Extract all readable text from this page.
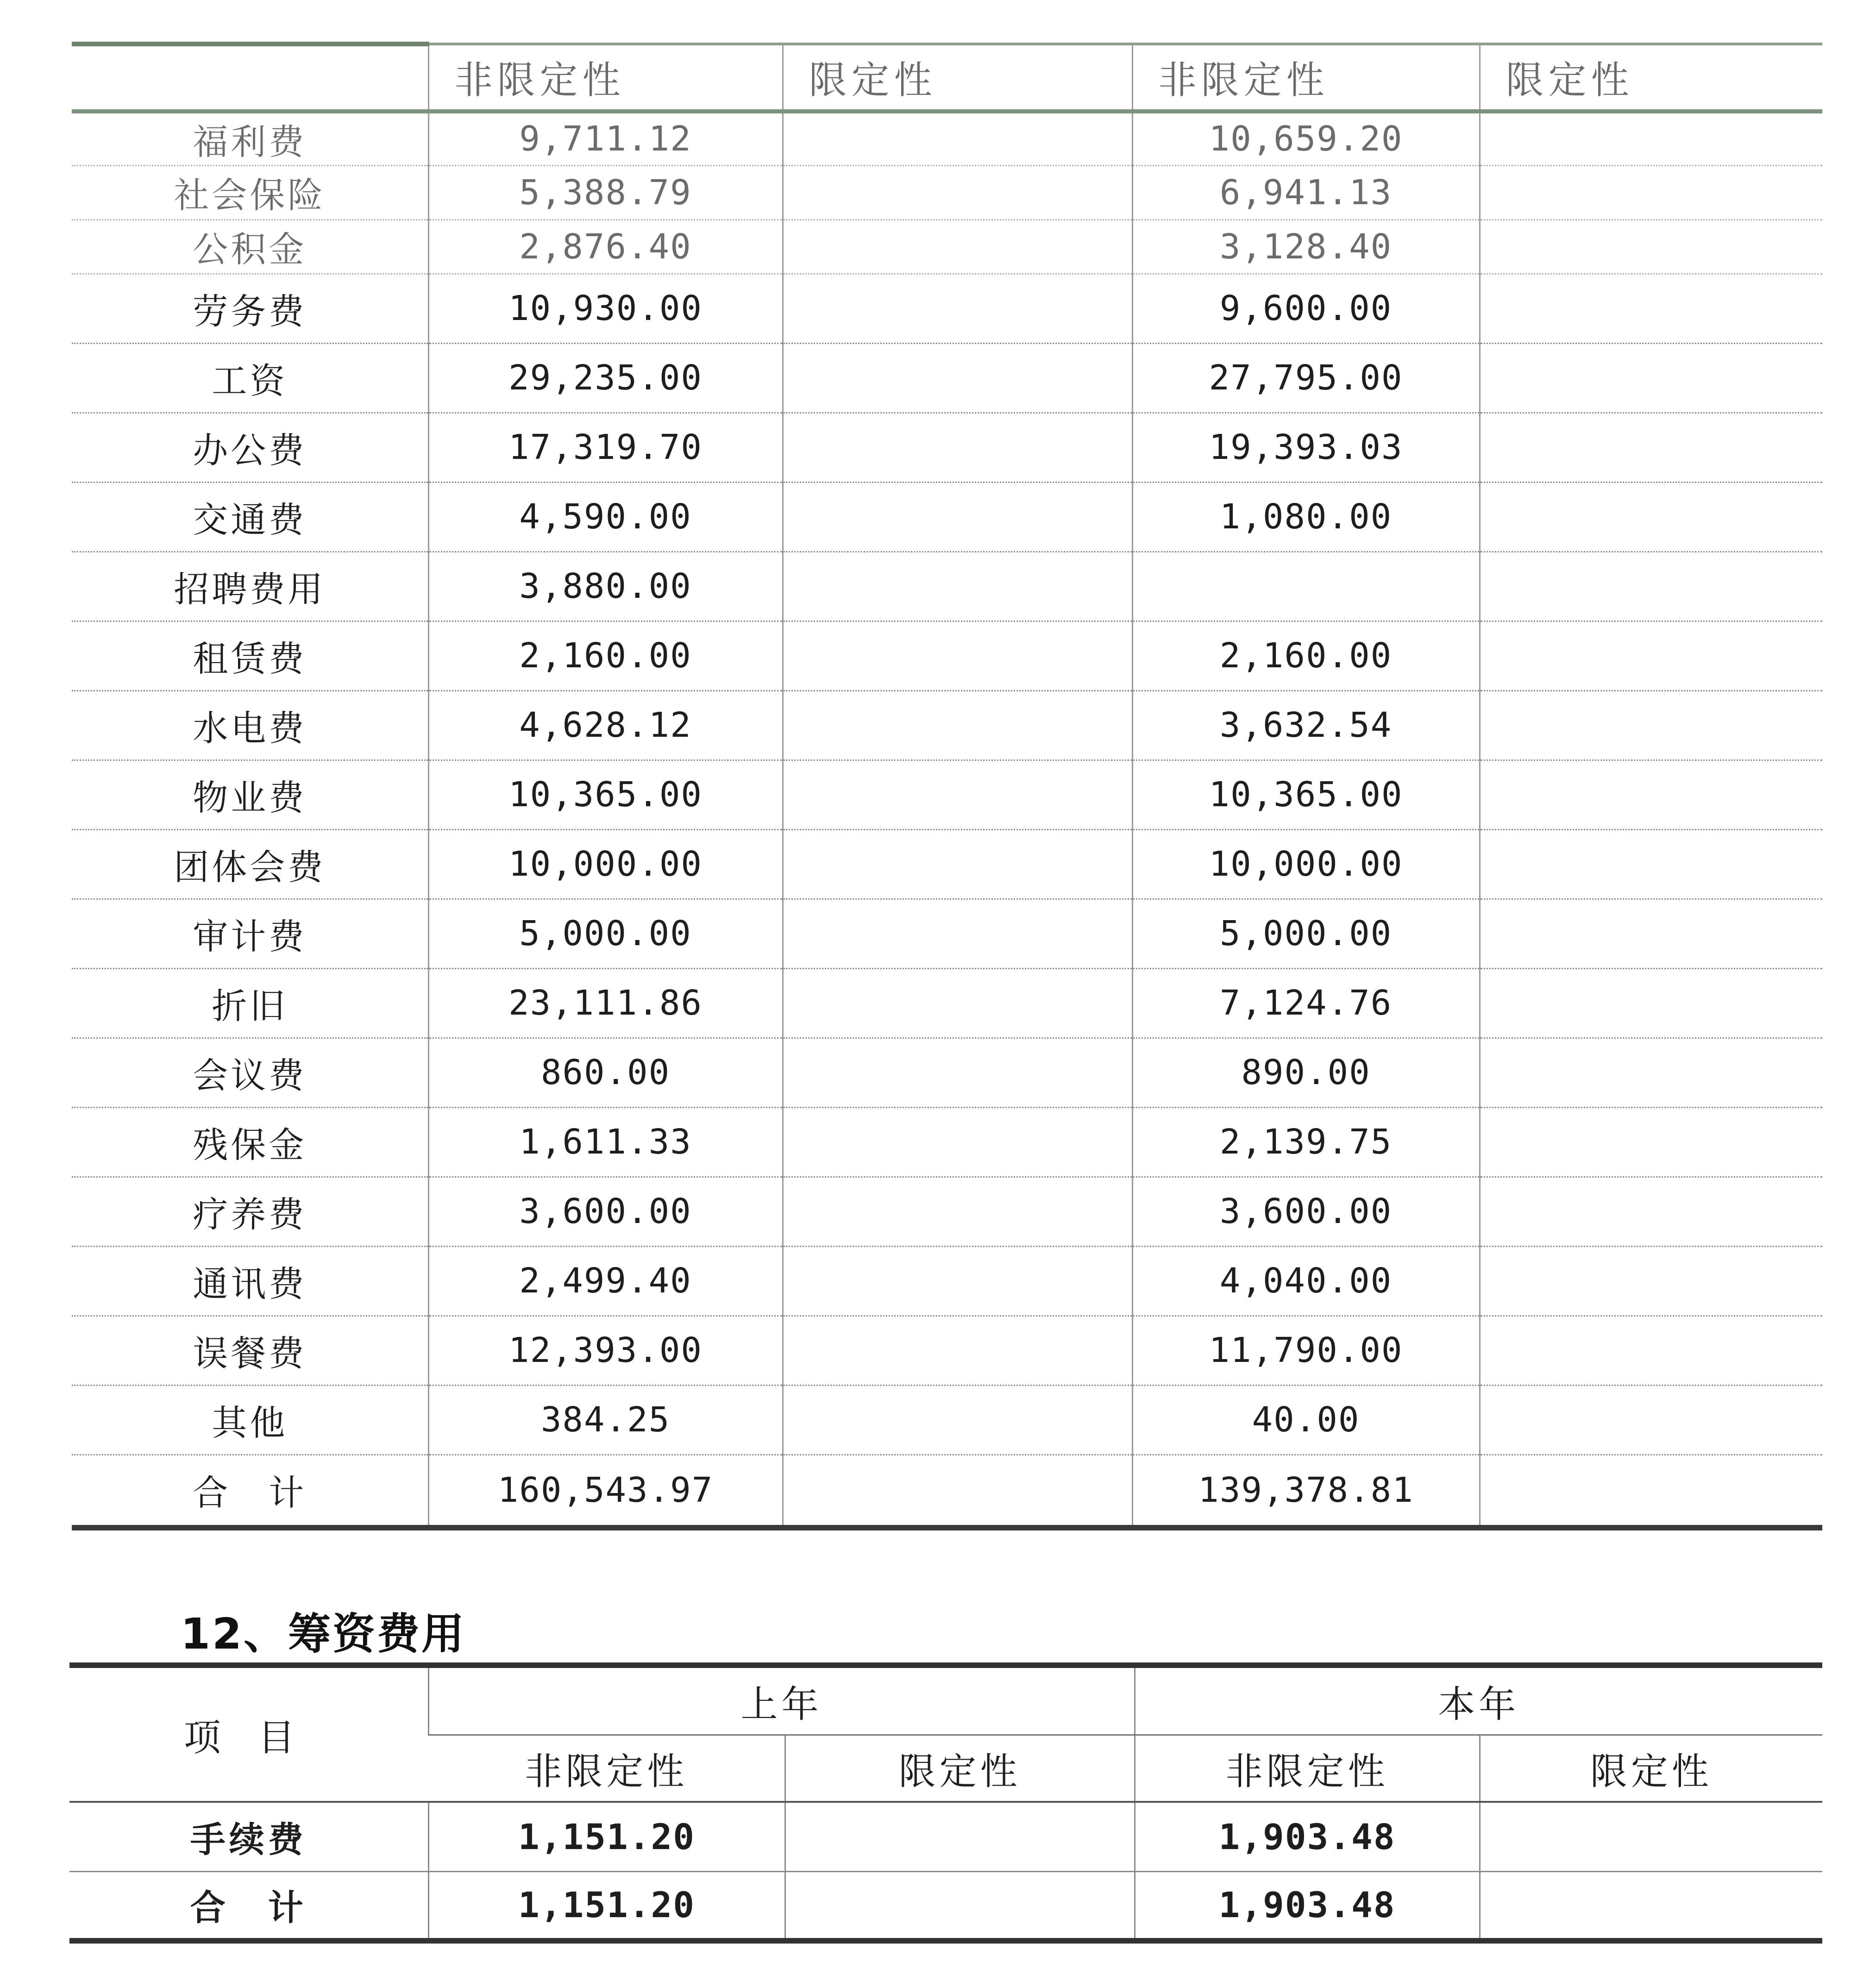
	非限定性	限定性	非限定性	限定性
福利费	9,711.12		10,659.20	
社会保险	5,388.79		6,941.13	
公积金	2,876.40		3,128.40	
劳务费	10,930.00		9,600.00	
工资	29,235.00		27,795.00	
办公费	17,319.70		19,393.03	
交通费	4,590.00		1,080.00	
招聘费用	3,880.00			
租赁费	2,160.00		2,160.00	
水电费	4,628.12		3,632.54	
物业费	10,365.00		10,365.00	
团体会费	10,000.00		10,000.00	
审计费	5,000.00		5,000.00	
折旧	23,111.86		7,124.76	
会议费	860.00		890.00	
残保金	1,611.33		2,139.75	
疗养费	3,600.00		3,600.00	
通讯费	2,499.40		4,040.00	
误餐费	12,393.00		11,790.00	
其他	384.25		40.00	
合　计	160,543.97		139,378.81	
12、筹资费用
项目	上年		本年	
	非限定性	限定性	非限定性	限定性
手续费	1,151.20		1,903.48	
合　计	1,151.20		1,903.48	
